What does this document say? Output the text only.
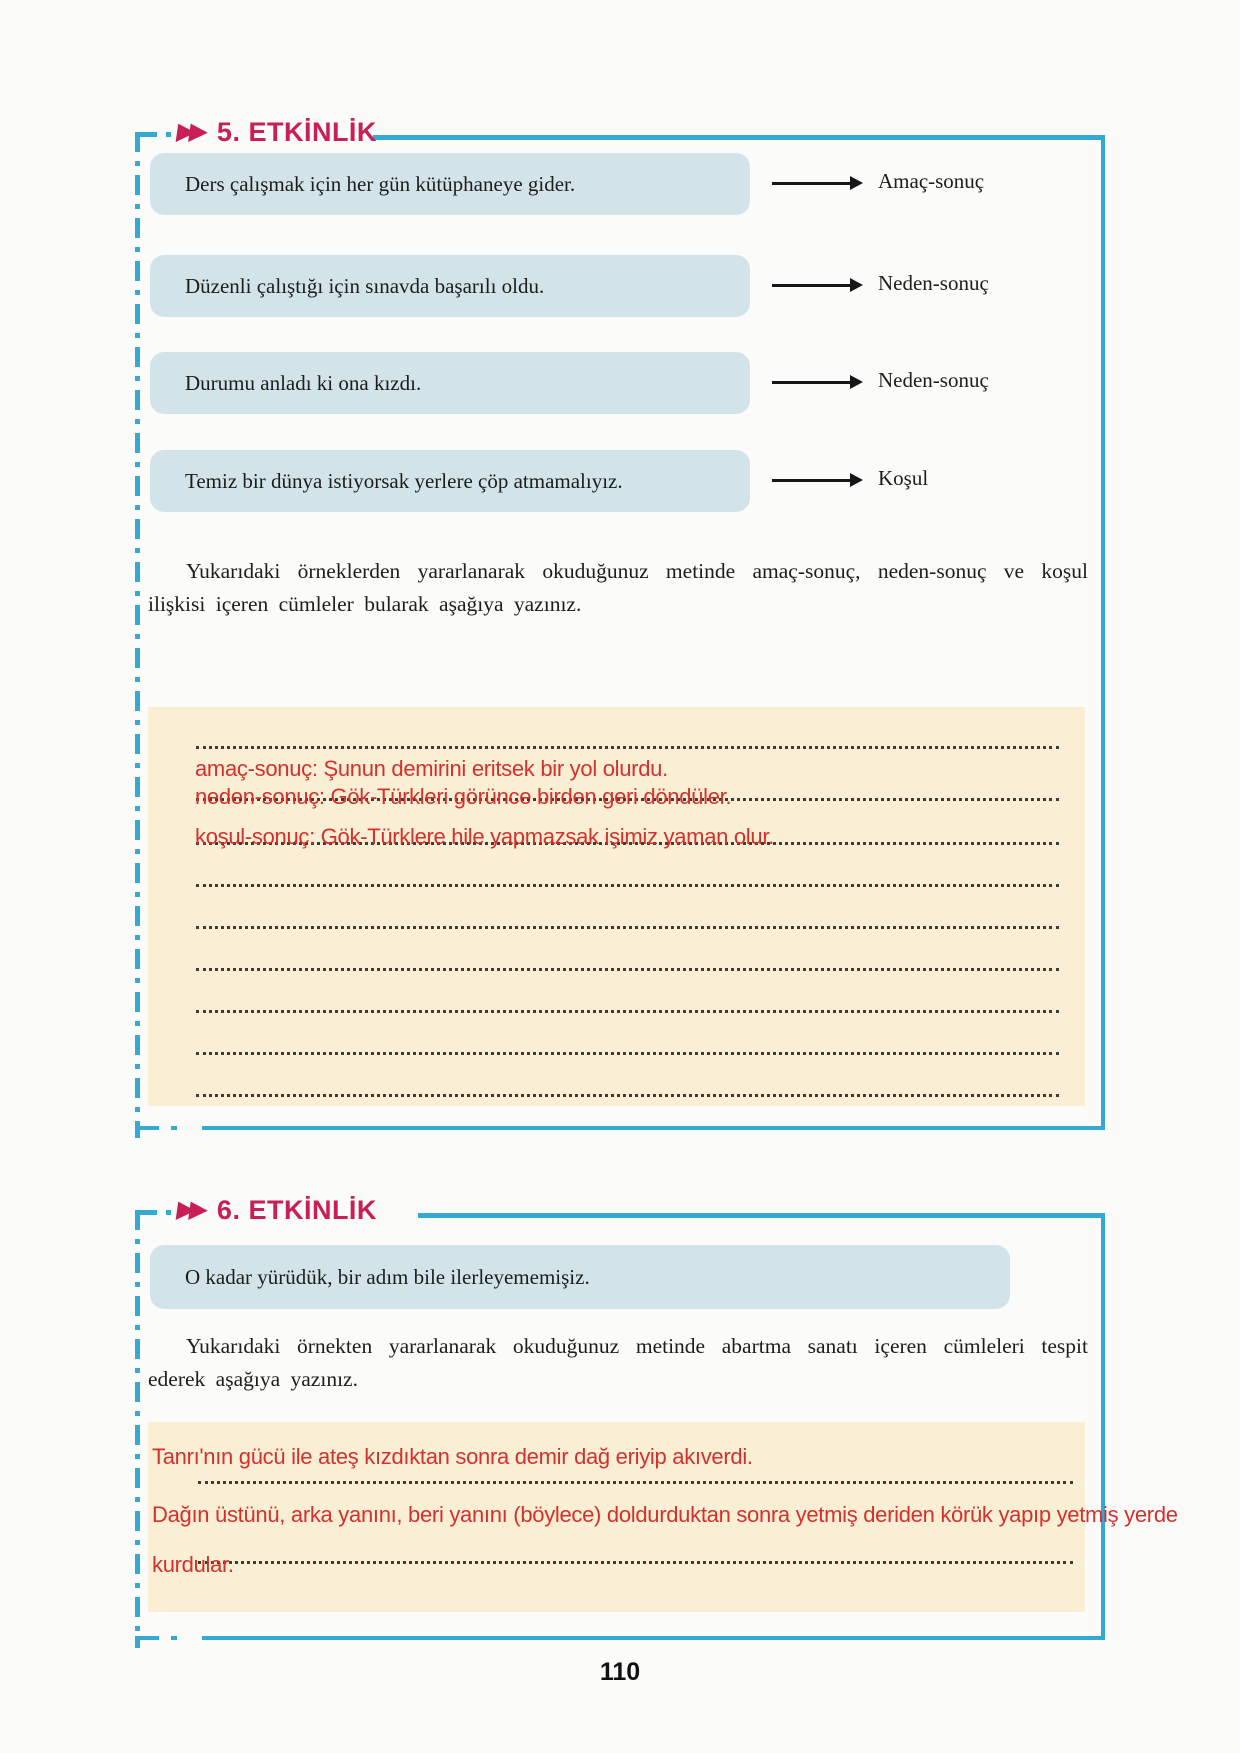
▶▶ 5. ETKİNLİK
Ders çalışmak için her gün kütüphaneye gider.	Amaç-sonuç
Düzenli çalıştığı için sınavda başarılı oldu.	Neden-sonuç
Durumu anladı ki ona kızdı.	Neden-sonuç
Temiz bir dünya istiyorsak yerlere çöp atmamalıyız.	Koşul

Yukarıdaki örneklerden yararlanarak okuduğunuz metinde amaç-sonuç, neden-sonuç ve koşul ilişkisi içeren cümleler bularak aşağıya yazınız.

amaç-sonuç: Şunun demirini eritsek bir yol olurdu.
neden-sonuç: Gök-Türkleri görünce birden geri döndüler.
koşul-sonuç: Gök-Türklere hile yapmazsak işimiz yaman olur.
▶▶ 6. ETKİNLİK
O kadar yürüdük, bir adım bile ilerleyememişiz.

Yukarıdaki örnekten yararlanarak okuduğunuz metinde abartma sanatı içeren cümleleri tespit ederek aşağıya yazınız.

Tanrı'nın gücü ile ateş kızdıktan sonra demir dağ eriyip akıverdi.
Dağın üstünü, arka yanını, beri yanını (böylece) doldurduktan sonra yetmiş deriden körük yapıp yetmiş yerde kurdular.
110
